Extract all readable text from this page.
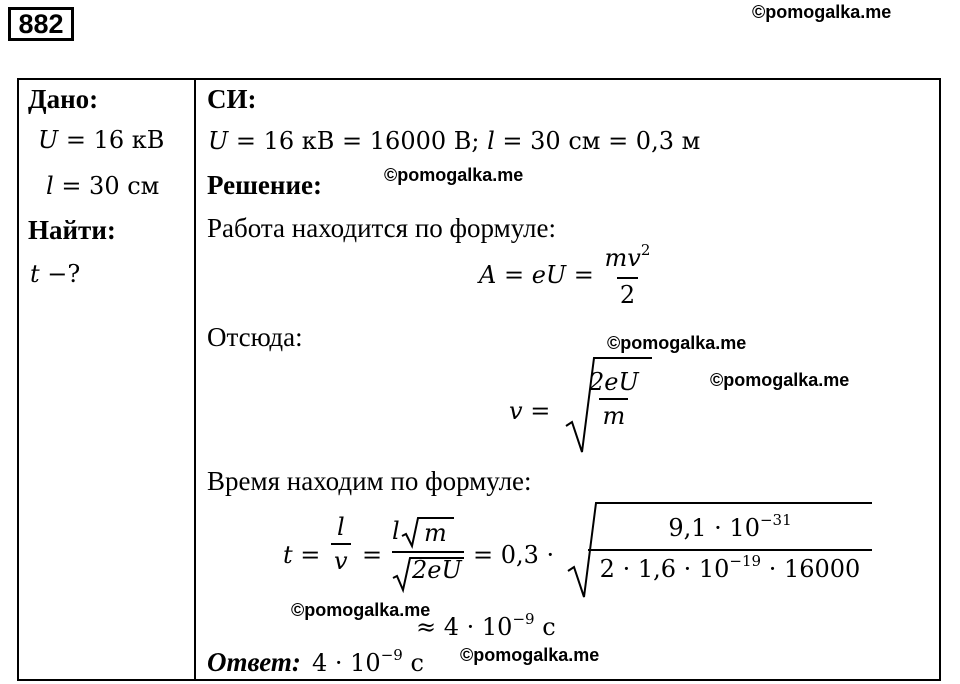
882	©pomogalka.me
Дано:
U = 16 кВ
l = 30 см
Найти:
t −?
СИ:
U = 16 кВ = 16000 В; l = 30 см = 0,3 м
Решение:	©pomogalka.me
Работа находится по формуле:
A = eU = $\frac{mv^2}{2}$
Отсюда:	©pomogalka.me
©pomogalka.me
$v = \frac{2eU}{m}$
Время находим по формуле:
$t = \frac{l}{v}$ =
l m
2eU
= 0,3 ·
$9,1 \cdot 10^{-31}$
$2 \cdot 1,6 \cdot 10^{-19} \cdot 16000$
©pomogalka.me
≈ $4 \cdot 10^{-9}$ с
Ответ: $4 \cdot 10^{-9}$ с ©pomogalka.me
